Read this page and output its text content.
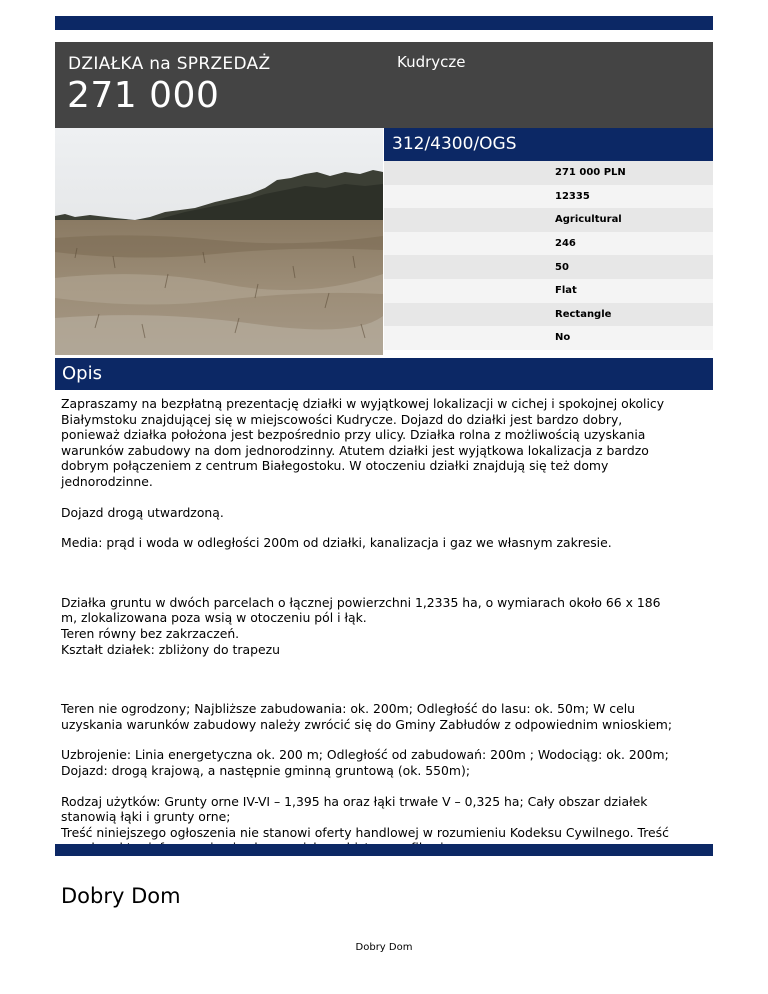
DZIAŁKA na SPRZEDAŻ
271 000
Kudrycze
312/4300/OGS
271 000 PLN
12335
Agricultural
246
50
Flat
Rectangle
No
Opis

Zapraszamy na bezpłatną prezentację działki w wyjątkowej lokalizacji w cichej i spokojnej okolicy
Białymstoku znajdującej się w miejscowości Kudrycze. Dojazd do działki jest bardzo dobry,
ponieważ działka położona jest bezpośrednio przy ulicy. Działka rolna z możliwością uzyskania
warunków zabudowy na dom jednorodzinny. Atutem działki jest wyjątkowa lokalizacja z bardzo
dobrym połączeniem z centrum Białegostoku. W otoczeniu działki znajdują się też domy
jednorodzinne.

Dojazd drogą utwardzoną.

Media: prąd i woda w odległości 200m od działki, kanalizacja i gaz we własnym zakresie.

Działka gruntu w dwóch parcelach o łącznej powierzchni 1,2335 ha, o wymiarach około 66 x 186
m, zlokalizowana poza wsią w otoczeniu pól i łąk.
Teren równy bez zakrzaczeń.
Kształt działek: zbliżony do trapezu

Teren nie ogrodzony; Najbliższe zabudowania: ok. 200m; Odległość do lasu: ok. 50m; W celu
uzyskania warunków zabudowy należy zwrócić się do Gminy Zabłudów z odpowiednim wnioskiem;

Uzbrojenie: Linia energetyczna ok. 200 m; Odległość od zabudowań: 200m ; Wodociąg: ok. 200m;
Dojazd: drogą krajową, a następnie gminną gruntową (ok. 550m);

Rodzaj użytków: Grunty orne IV-VI – 1,395 ha oraz łąki trwałe V – 0,325 ha; Cały obszar działek
stanowią łąki i grunty orne;
Treść niniejszego ogłoszenia nie stanowi oferty handlowej w rozumieniu Kodeksu Cywilnego. Treść

Dobry Dom
Dobry Dom
